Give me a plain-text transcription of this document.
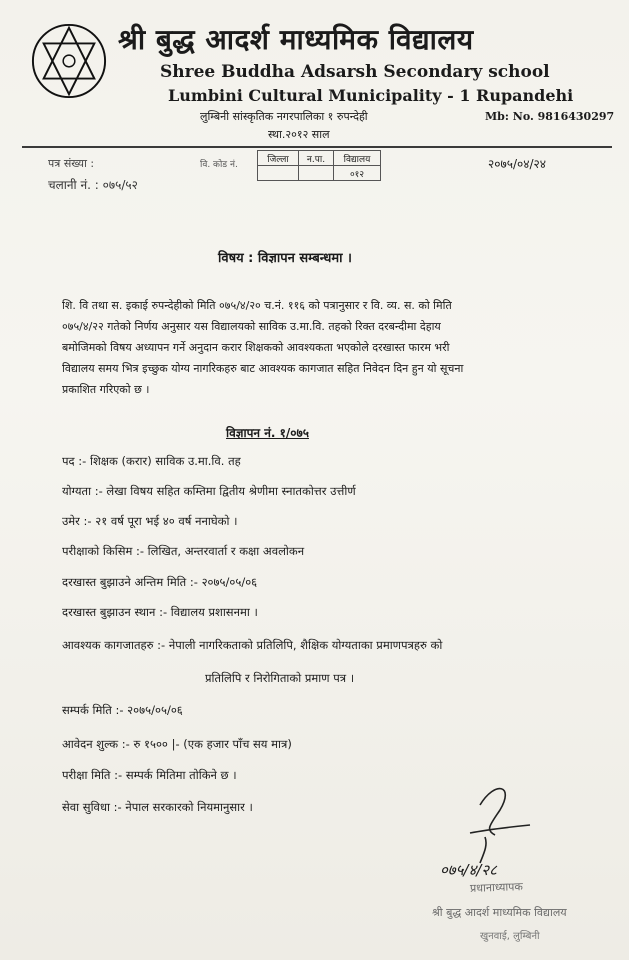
श्री बुद्ध आदर्श माध्यमिक विद्यालय
Shree Buddha Adsarsh Secondary school
Lumbini Cultural Municipality - 1 Rupandehi
लुम्बिनी सांस्कृतिक नगरपालिका १ रुपन्देही
स्था.२०१२ साल
Mb: No. 9816430297
पत्र संख्या :
चलानी नं. : ०७५/५२
वि. कोड नं.
जिल्ला	न.पा.	विद्यालय
		०१२
२०७५/०४/२४
विषय : विज्ञापन सम्बन्धमा ।
शि. वि तथा स. इकाई रुपन्देहीको मिति ०७५/४/२० च.नं. ११६ को पत्रानुसार र वि. व्य. स. को मिति
०७५/४/२२ गतेको निर्णय अनुसार यस विद्यालयको साविक उ.मा.वि. तहको रिक्त दरबन्दीमा देहाय
बमोजिमको विषय अध्यापन गर्ने अनुदान करार शिक्षकको आवश्यकता भएकोले दरखास्त फारम भरी
विद्यालय समय भित्र इच्छुक योग्य नागरिकहरु बाट आवश्यक कागजात सहित निवेदन दिन हुन यो सूचना
प्रकाशित गरिएको छ ।
विज्ञापन नं. १/०७५
पद :- शिक्षक (करार) साविक उ.मा.वि. तह
योग्यता :- लेखा विषय सहित कम्तिमा द्वितीय श्रेणीमा स्नातकोत्तर उत्तीर्ण
उमेर :- २१ वर्ष पूरा भई ४० वर्ष ननाघेको ।
परीक्षाको किसिम :- लिखित, अन्तरवार्ता र कक्षा अवलोकन
दरखास्त बुझाउने अन्तिम मिति :- २०७५/०५/०६
दरखास्त बुझाउन स्थान :- विद्यालय प्रशासनमा ।
आवश्यक कागजातहरु :- नेपाली नागरिकताको प्रतिलिपि, शैक्षिक योग्यताका प्रमाणपत्रहरु को
प्रतिलिपि र निरोगिताको प्रमाण पत्र ।
सम्पर्क मिति :- २०७५/०५/०६
आवेदन शुल्क :- रु १५०० |- (एक हजार पाँच सय मात्र)
परीक्षा मिति :- सम्पर्क मितिमा तोकिने छ ।
सेवा सुविधा :- नेपाल सरकारको नियमानुसार ।
०७५/४/२८
प्रधानाध्यापक
श्री बुद्ध आदर्श माध्यमिक विद्यालय
खुनवाई, लुम्बिनी
